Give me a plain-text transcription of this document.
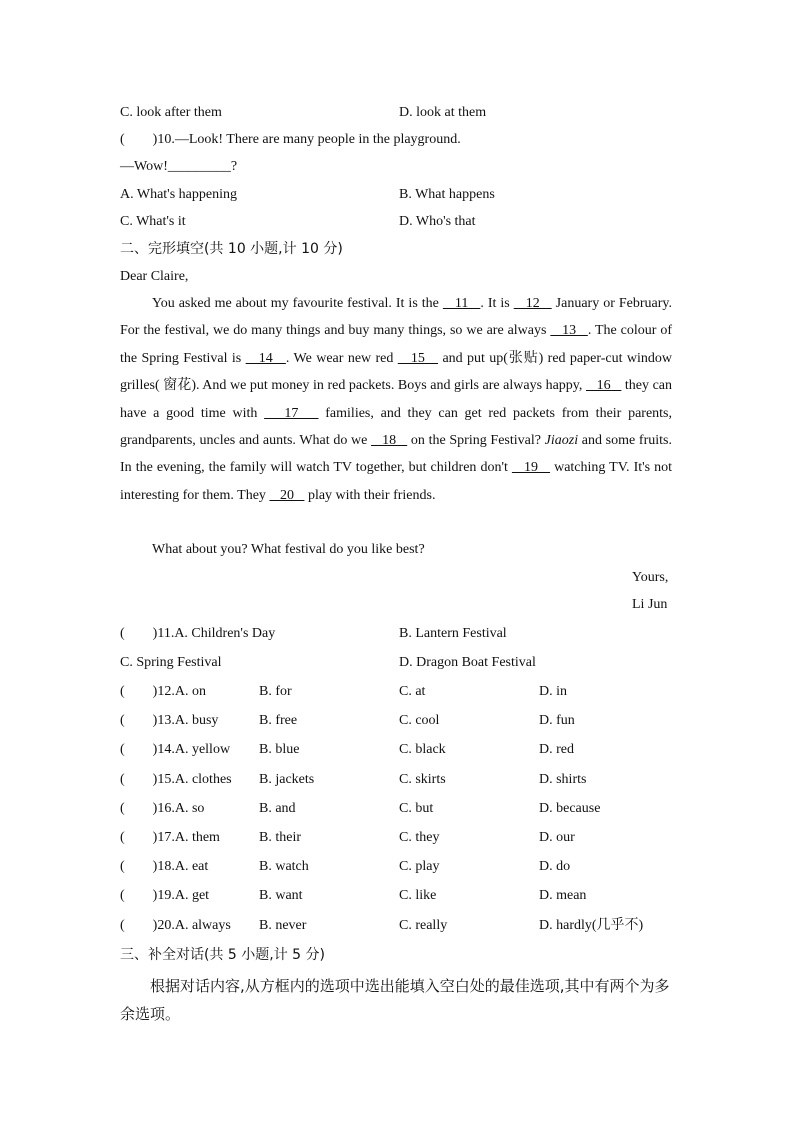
C. look after them	D. look at them
( )10.—Look! There are many people in the playground.
—Wow!_________?
A. What's happening	B. What happens
C. What's it	D. Who's that
二、完形填空(共 10 小题,计 10 分)
Dear Claire,

You asked me about my favourite festival. It is the    11   . It is    12    January or February. For the festival, we do many things and buy many things, so we are always    13   . The colour of the Spring Festival is    14   . We wear new red    15    and put up(张贴) red paper-cut window grilles( 窗花). And we put money in red packets. Boys and girls are always happy,    16    they can have a good time with    17    families, and they can get red packets from their parents, grandparents, uncles and aunts. What do we    18    on the Spring Festival? Jiaozi and some fruits. In the evening, the family will watch TV together, but children don't    19    watching TV. It's not interesting for them. They    20    play with their friends.

What about you? What festival do you like best?
Yours,
Li Jun
( )11.A. Children's Day	B. Lantern Festival
C. Spring Festival	D. Dragon Boat Festival
( )12.A. on	B. for	C. at	D. in
( )13.A. busy	B. free	C. cool	D. fun
( )14.A. yellow B. blue	C. black	D. red
( )15.A. clothes B. jackets	C. skirts	D. shirts
( )16.A. so	B. and	C. but	D. because
( )17.A. them	B. their	C. they	D. our
( )18.A. eat	B. watch	C. play	D. do
( )19.A. get	B. want	C. like	D. mean
( )20.A. always B. never	C. really	D. hardly(几乎不)
三、补全对话(共 5 小题,计 5 分)
根据对话内容,从方框内的选项中选出能填入空白处的最佳选项,其中有两个为多余选项。
